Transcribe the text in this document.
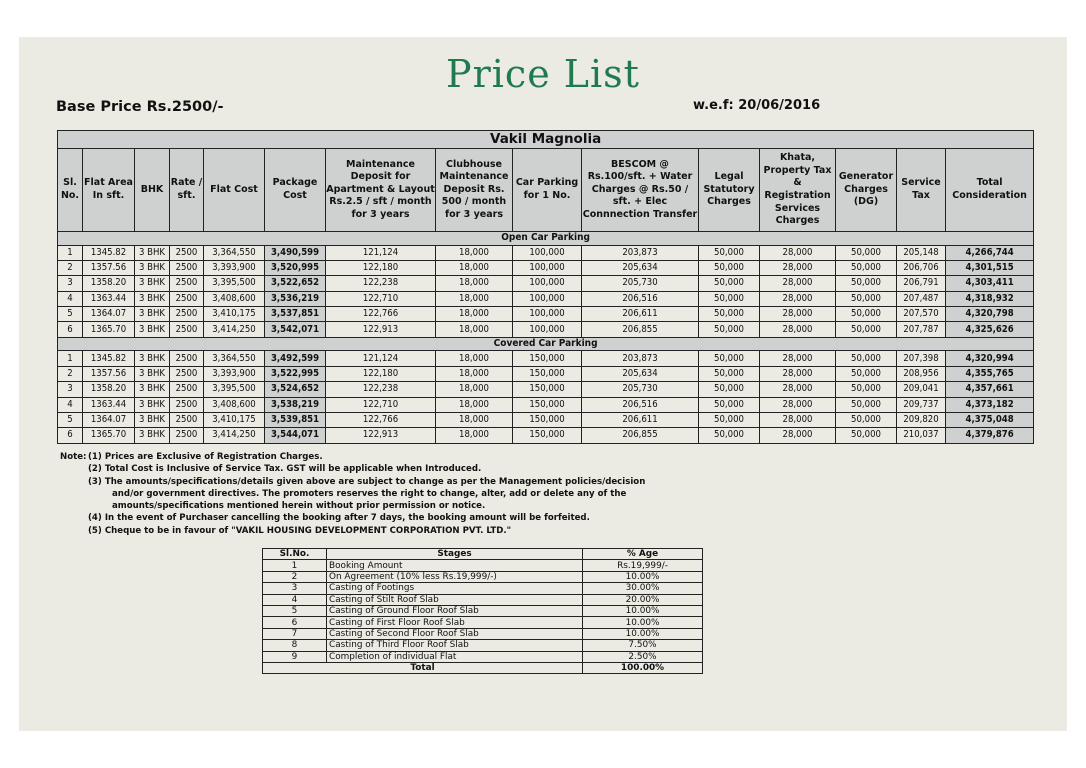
Price List
Base Price Rs.2500/-	w.e.f: 20/06/2016
Vakil Magnolia														
Sl. No.	Flat Area In sft.	BHK	Rate / sft.	Flat Cost	Package Cost	Maintenance Deposit for Apartment & Layout Rs.2.5 / sft / month for 3 years	Clubhouse Maintenance Deposit Rs. 500 / month for 3 years	Car Parking for 1 No.	BESCOM @ Rs.100/sft. + Water Charges @ Rs.50 / sft. + Elec Connnection Transfer	Legal Statutory Charges	Khata, Property Tax & Registration Services Charges	Generator Charges (DG)	Service Tax	Total Consideration
Open Car Parking														
1	1345.82	3 BHK	2500	3,364,550	3,490,599	121,124	18,000	100,000	203,873	50,000	28,000	50,000	205,148	4,266,744
2	1357.56	3 BHK	2500	3,393,900	3,520,995	122,180	18,000	100,000	205,634	50,000	28,000	50,000	206,706	4,301,515
3	1358.20	3 BHK	2500	3,395,500	3,522,652	122,238	18,000	100,000	205,730	50,000	28,000	50,000	206,791	4,303,411
4	1363.44	3 BHK	2500	3,408,600	3,536,219	122,710	18,000	100,000	206,516	50,000	28,000	50,000	207,487	4,318,932
5	1364.07	3 BHK	2500	3,410,175	3,537,851	122,766	18,000	100,000	206,611	50,000	28,000	50,000	207,570	4,320,798
6	1365.70	3 BHK	2500	3,414,250	3,542,071	122,913	18,000	100,000	206,855	50,000	28,000	50,000	207,787	4,325,626
Covered Car Parking														
1	1345.82	3 BHK	2500	3,364,550	3,492,599	121,124	18,000	150,000	203,873	50,000	28,000	50,000	207,398	4,320,994
2	1357.56	3 BHK	2500	3,393,900	3,522,995	122,180	18,000	150,000	205,634	50,000	28,000	50,000	208,956	4,355,765
3	1358.20	3 BHK	2500	3,395,500	3,524,652	122,238	18,000	150,000	205,730	50,000	28,000	50,000	209,041	4,357,661
4	1363.44	3 BHK	2500	3,408,600	3,538,219	122,710	18,000	150,000	206,516	50,000	28,000	50,000	209,737	4,373,182
5	1364.07	3 BHK	2500	3,410,175	3,539,851	122,766	18,000	150,000	206,611	50,000	28,000	50,000	209,820	4,375,048
6	1365.70	3 BHK	2500	3,414,250	3,544,071	122,913	18,000	150,000	206,855	50,000	28,000	50,000	210,037	4,379,876
Note: (1) Prices are Exclusive of Registration Charges.
(2) Total Cost is Inclusive of Service Tax. GST will be applicable when Introduced.
(3) The amounts/specifications/details given above are subject to change as per the Management policies/decision
and/or government directives. The promoters reserves the right to change, alter, add or delete any of the
amounts/specifications mentioned herein without prior permission or notice.
(4) In the event of Purchaser cancelling the booking after 7 days, the booking amount will be forfeited.
(5) Cheque to be in favour of "VAKIL HOUSING DEVELOPMENT CORPORATION PVT. LTD."
Sl.No.	Stages	% Age
1	Booking Amount	Rs.19,999/-
2	On Agreement (10% less Rs.19,999/-)	10.00%
3	Casting of Footings	30.00%
4	Casting of Stilt Roof Slab	20.00%
5	Casting of Ground Floor Roof Slab	10.00%
6	Casting of First Floor Roof Slab	10.00%
7	Casting of Second Floor Roof Slab	10.00%
8	Casting of Third Floor Roof Slab	7.50%
9	Completion of individual Flat	2.50%
Total		100.00%
